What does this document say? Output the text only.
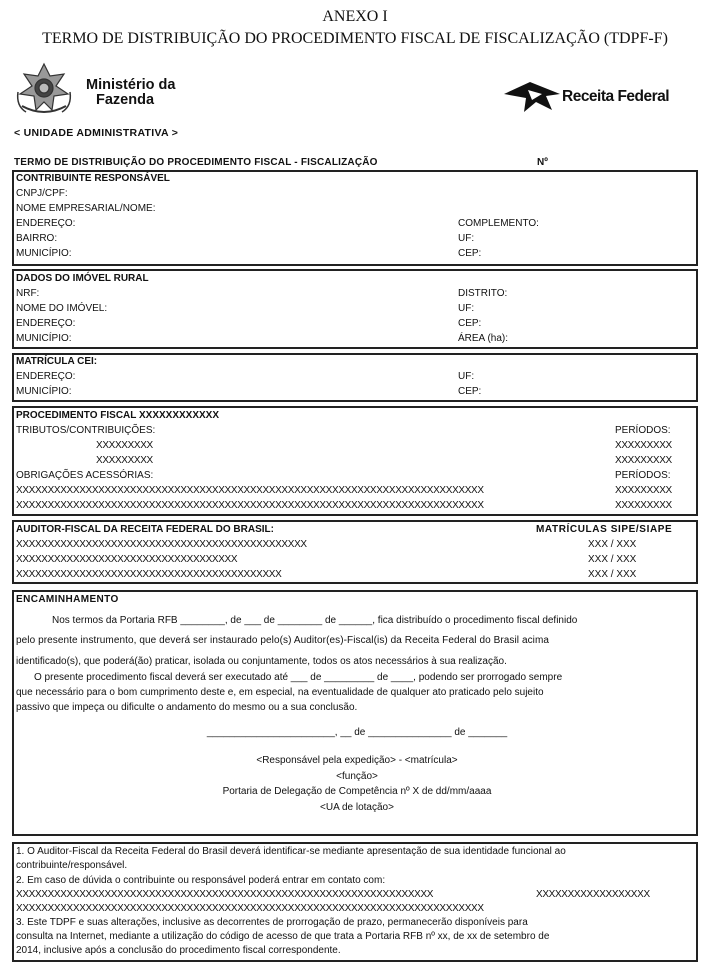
ANEXO I
TERMO DE DISTRIBUIÇÃO DO PROCEDIMENTO FISCAL DE FISCALIZAÇÃO (TDPF-F)
Ministério da
Fazenda	Receita Federal
< UNIDADE ADMINISTRATIVA >
TERMO DE DISTRIBUIÇÃO DO PROCEDIMENTO FISCAL - FISCALIZAÇÃO	Nº
CONTRIBUINTE RESPONSÁVEL
CNPJ/CPF:
NOME EMPRESARIAL/NOME:
ENDEREÇO:	COMPLEMENTO:
BAIRRO:	UF:
MUNICÍPIO:	CEP:
DADOS DO IMÓVEL RURAL
NRF:	DISTRITO:
NOME DO IMÓVEL:	UF:
ENDEREÇO:	CEP:
MUNICÍPIO:	ÁREA (ha):
MATRÍCULA CEI:
ENDEREÇO:	UF:
MUNICÍPIO:	CEP:
PROCEDIMENTO FISCAL XXXXXXXXXXXX
TRIBUTOS/CONTRIBUIÇÕES:	PERÍODOS:
XXXXXXXXX	XXXXXXXXX
XXXXXXXXX	XXXXXXXXX
OBRIGAÇÕES ACESSÓRIAS:	PERÍODOS:
XXXXXXXXXXXXXXXXXXXXXXXXXXXXXXXXXXXXXXXXXXXXXXXXXXXXXXXXXXXXXXXXXXXXXXXXXX	XXXXXXXXX
XXXXXXXXXXXXXXXXXXXXXXXXXXXXXXXXXXXXXXXXXXXXXXXXXXXXXXXXXXXXXXXXXXXXXXXXXX	XXXXXXXXX
AUDITOR-FISCAL DA RECEITA FEDERAL DO BRASIL:	MATRÍCULAS SIPE/SIAPE
XXXXXXXXXXXXXXXXXXXXXXXXXXXXXXXXXXXXXXXXXXXXXX	XXX / XXX
XXXXXXXXXXXXXXXXXXXXXXXXXXXXXXXXXXX	XXX / XXX
XXXXXXXXXXXXXXXXXXXXXXXXXXXXXXXXXXXXXXXXXX	XXX / XXX
ENCAMINHAMENTO
Nos termos da Portaria RFB ________, de ___ de ________ de ______, fica distribuído o procedimento fiscal definido
pelo presente instrumento, que deverá ser instaurado pelo(s) Auditor(es)-Fiscal(is) da Receita Federal do Brasil acima
identificado(s), que poderá(ão) praticar, isolada ou conjuntamente, todos os atos necessários à sua realização.
O presente procedimento fiscal deverá ser executado até ___ de _________ de ____, podendo ser prorrogado sempre
que necessário para o bom cumprimento deste e, em especial, na eventualidade de qualquer ato praticado pelo sujeito
passivo que impeça ou dificulte o andamento do mesmo ou a sua conclusão.
_______________________, __ de _______________ de _______
<Responsável pela expedição> - <matrícula>
<função>
Portaria de Delegação de Competência nº X de dd/mm/aaaa
<UA de lotação>
1. O Auditor-Fiscal da Receita Federal do Brasil deverá identificar-se mediante apresentação de sua identidade funcional ao
contribuinte/responsável.
2. Em caso de dúvida o contribuinte ou responsável poderá entrar em contato com:
XXXXXXXXXXXXXXXXXXXXXXXXXXXXXXXXXXXXXXXXXXXXXXXXXXXXXXXXXXXXXXXXXX	XXXXXXXXXXXXXXXXXX
XXXXXXXXXXXXXXXXXXXXXXXXXXXXXXXXXXXXXXXXXXXXXXXXXXXXXXXXXXXXXXXXXXXXXXXXXX
3. Este TDPF e suas alterações, inclusive as decorrentes de prorrogação de prazo, permanecerão disponíveis para
consulta na Internet, mediante a utilização do código de acesso de que trata a Portaria RFB nº xx, de xx de setembro de
2014, inclusive após a conclusão do procedimento fiscal correspondente.
